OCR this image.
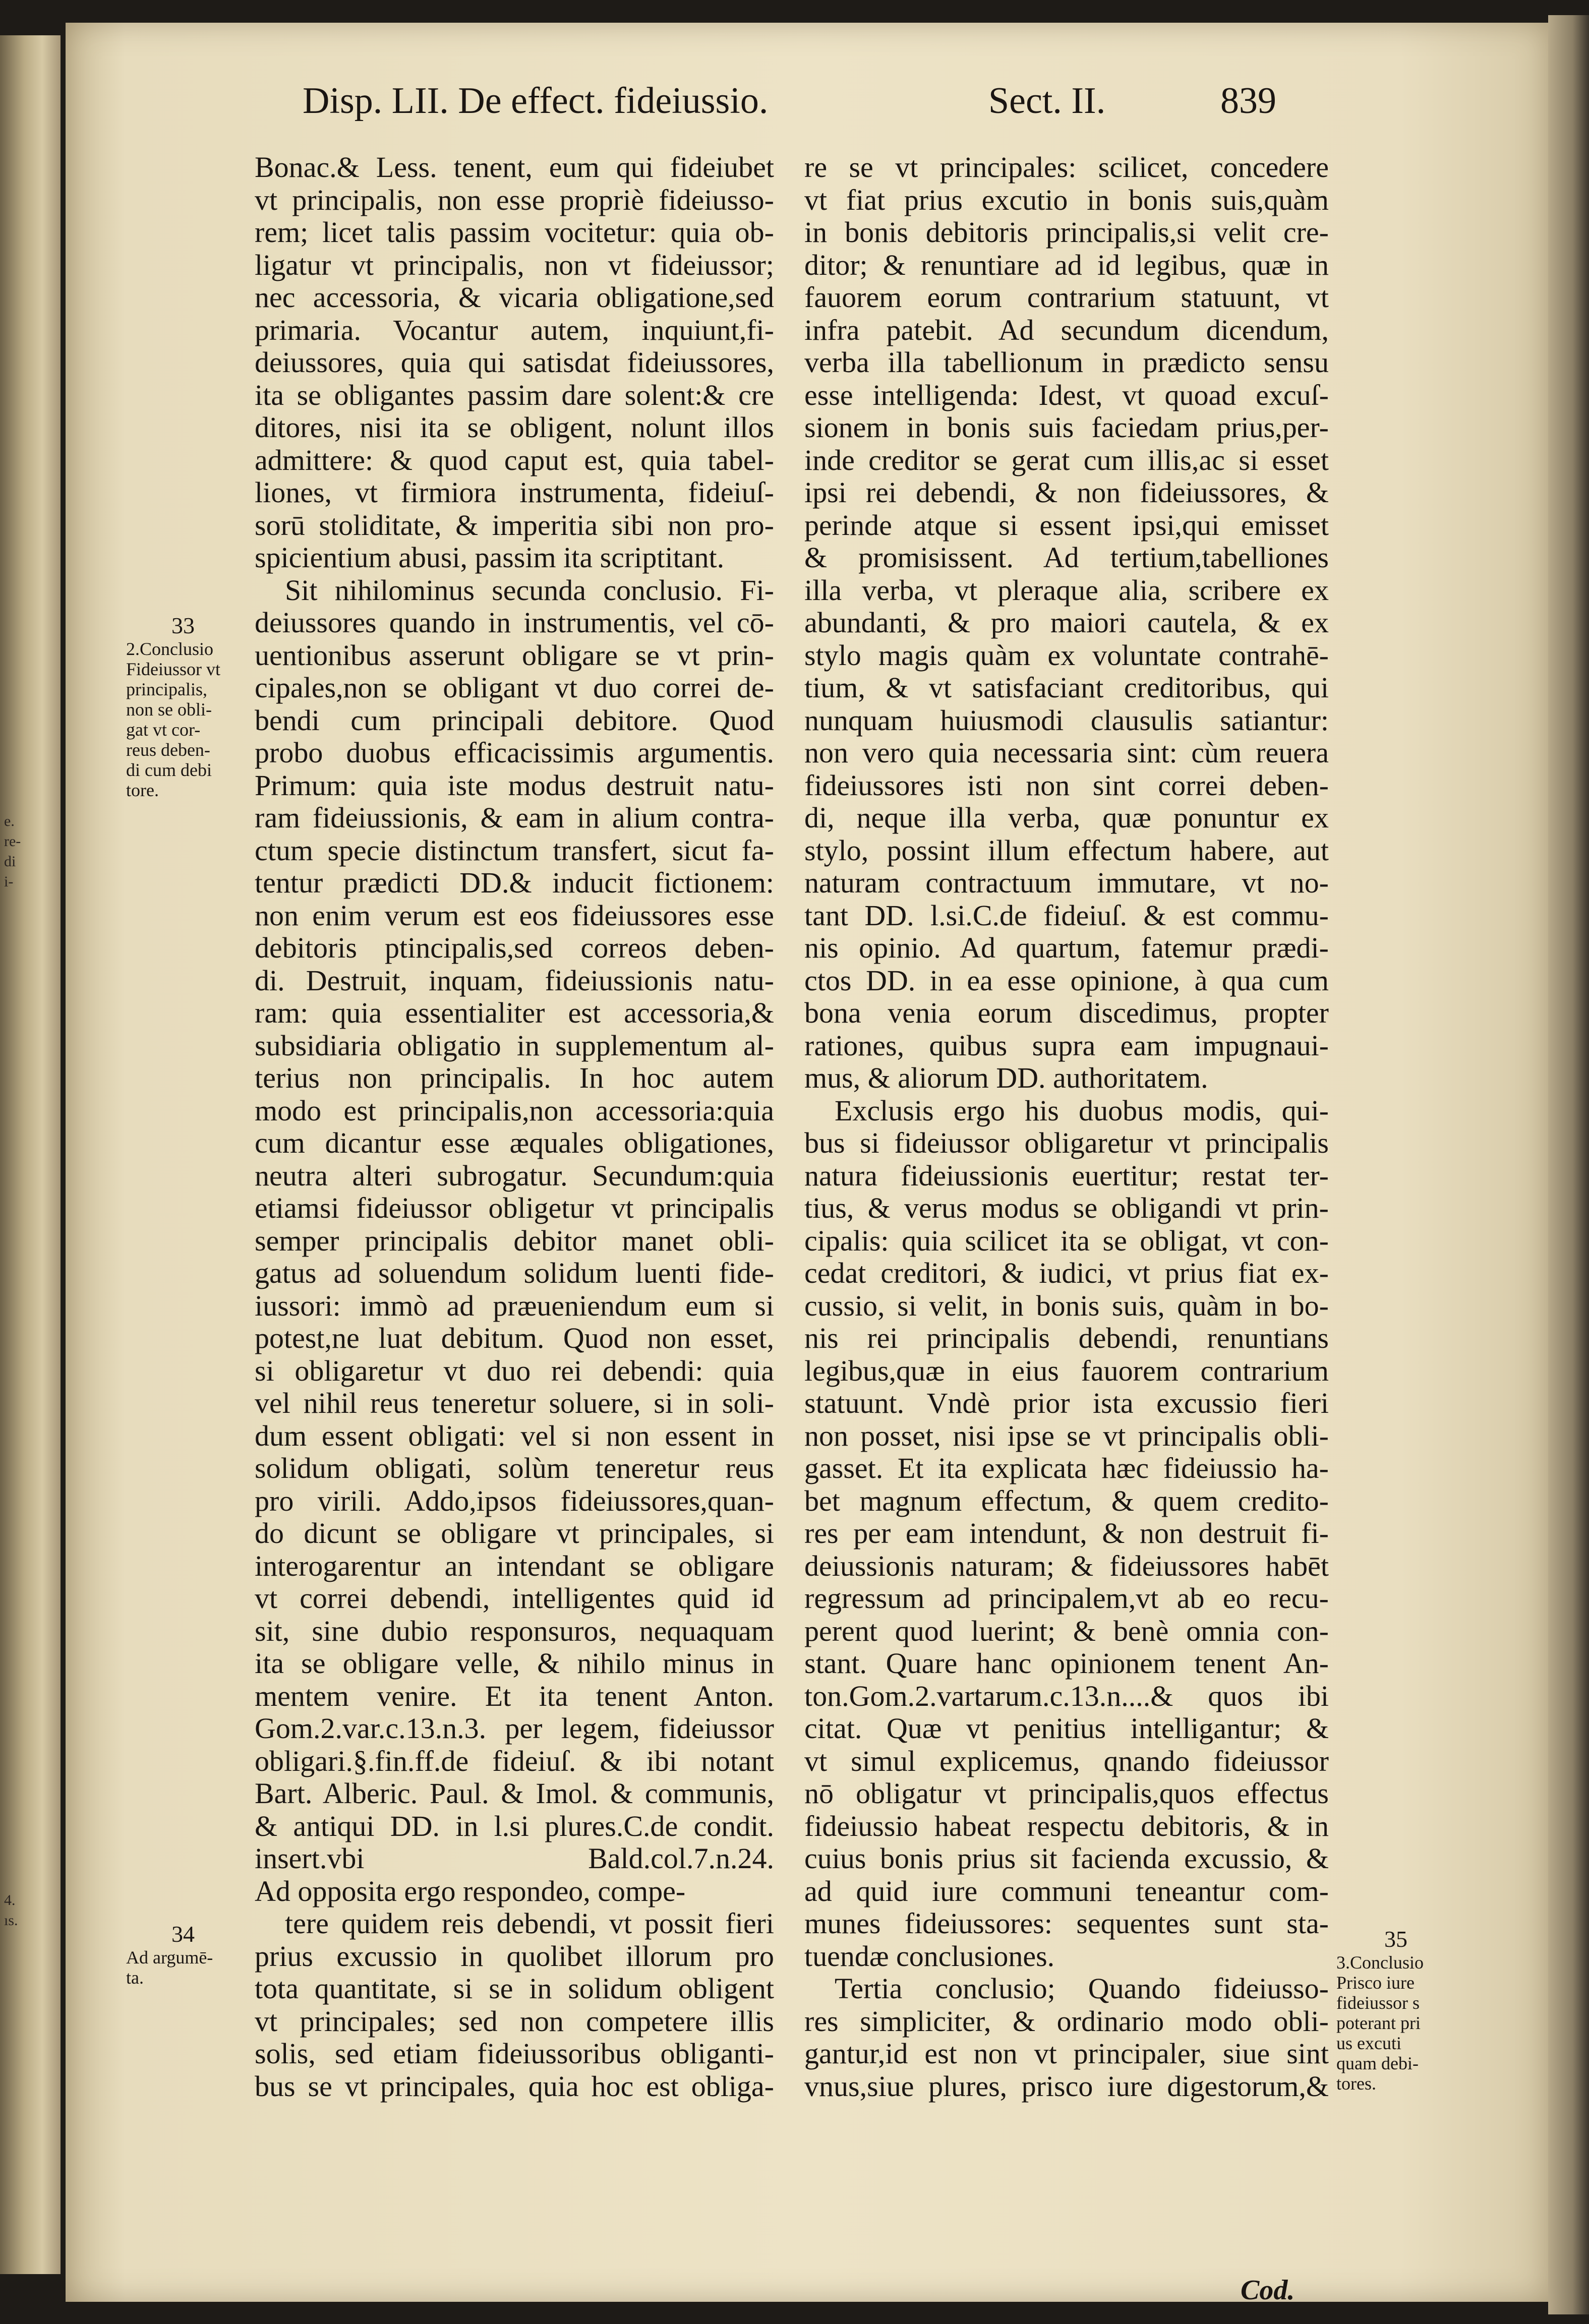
e.
re-
di
i-
4.
ıs.
Disp. LII. De effect. fideiussio.	Sect. II.	839
Bonac.& Less. tenent, eum qui fideiubet
vt principalis, non esse propriè fideiusso-
rem; licet talis passim vocitetur: quia ob-
ligatur vt principalis, non vt fideiussor;
nec accessoria, & vicaria obligatione,sed
primaria. Vocantur autem, inquiunt,fi-
deiussores, quia qui satisdat fideiussores,
ita se obligantes passim dare solent:& cre
ditores, nisi ita se obligent, nolunt illos
admittere: & quod caput est, quia tabel-
liones, vt firmiora instrumenta, fideiuſ-
sorū stoliditate, & imperitia sibi non pro-
spicientium abusi, passim ita scriptitant.
Sit nihilominus secunda conclusio. Fi-
deiussores quando in instrumentis, vel cō-
uentionibus asserunt obligare se vt prin-
cipales,non se obligant vt duo correi de-
bendi cum principali debitore. Quod
probo duobus efficacissimis argumentis.
Primum: quia iste modus destruit natu-
ram fideiussionis, & eam in alium contra-
ctum specie distinctum transfert, sicut fa-
tentur prædicti DD.& inducit fictionem:
non enim verum est eos fideiussores esse
debitoris ptincipalis,sed correos deben-
di. Destruit, inquam, fideiussionis natu-
ram: quia essentialiter est accessoria,&
subsidiaria obligatio in supplementum al-
terius non principalis. In hoc autem
modo est principalis,non accessoria:quia
cum dicantur esse æquales obligationes,
neutra alteri subrogatur. Secundum:quia
etiamsi fideiussor obligetur vt principalis
semper principalis debitor manet obli-
gatus ad soluendum solidum luenti fide-
iussori: immò ad præueniendum eum si
potest,ne luat debitum. Quod non esset,
si obligaretur vt duo rei debendi: quia
vel nihil reus teneretur soluere, si in soli-
dum essent obligati: vel si non essent in
solidum obligati, solùm teneretur reus
pro virili. Addo,ipsos fideiussores,quan-
do dicunt se obligare vt principales, si
interogarentur an intendant se obligare
vt correi debendi, intelligentes quid id
sit, sine dubio responsuros, nequaquam
ita se obligare velle, & nihilo minus in
mentem venire. Et ita tenent Anton.
Gom.2.var.c.13.n.3. per legem, fideiussor
obligari.§.fin.ff.de fideiuſ. & ibi notant
Bart. Alberic. Paul. & Imol. & communis,
& antiqui DD. in l.si plures.C.de condit.
insert.vbi Bald.col.7.n.24.
Ad opposita ergo respondeo, compe-
tere quidem reis debendi, vt possit fieri
prius excussio in quolibet illorum pro
tota quantitate, si se in solidum obligent
vt principales; sed non competere illis
solis, sed etiam fideiussoribus obliganti-
bus se vt principales, quia hoc est obliga-
re se vt principales: scilicet, concedere
vt fiat prius excutio in bonis suis,quàm
in bonis debitoris principalis,si velit cre-
ditor; & renuntiare ad id legibus, quæ in
fauorem eorum contrarium statuunt, vt
infra patebit. Ad secundum dicendum,
verba illa tabellionum in prædicto sensu
esse intelligenda: Idest, vt quoad excuſ-
sionem in bonis suis faciedam prius,per-
inde creditor se gerat cum illis,ac si esset
ipsi rei debendi, & non fideiussores, &
perinde atque si essent ipsi,qui emisset
& promisissent. Ad tertium,tabelliones
illa verba, vt pleraque alia, scribere ex
abundanti, & pro maiori cautela, & ex
stylo magis quàm ex voluntate contrahē-
tium, & vt satisfaciant creditoribus, qui
nunquam huiusmodi clausulis satiantur:
non vero quia necessaria sint: cùm reuera
fideiussores isti non sint correi deben-
di, neque illa verba, quæ ponuntur ex
stylo, possint illum effectum habere, aut
naturam contractuum immutare, vt no-
tant DD. l.si.C.de fideiuſ. & est commu-
nis opinio. Ad quartum, fatemur prædi-
ctos DD. in ea esse opinione, à qua cum
bona venia eorum discedimus, propter
rationes, quibus supra eam impugnaui-
mus, & aliorum DD. authoritatem.
Exclusis ergo his duobus modis, qui-
bus si fideiussor obligaretur vt principalis
natura fideiussionis euertitur; restat ter-
tius, & verus modus se obligandi vt prin-
cipalis: quia scilicet ita se obligat, vt con-
cedat creditori, & iudici, vt prius fiat ex-
cussio, si velit, in bonis suis, quàm in bo-
nis rei principalis debendi, renuntians
legibus,quæ in eius fauorem contrarium
statuunt. Vndè prior ista excussio fieri
non posset, nisi ipse se vt principalis obli-
gasset. Et ita explicata hæc fideiussio ha-
bet magnum effectum, & quem credito-
res per eam intendunt, & non destruit fi-
deiussionis naturam; & fideiussores habēt
regressum ad principalem,vt ab eo recu-
perent quod luerint; & benè omnia con-
stant. Quare hanc opinionem tenent An-
ton.Gom.2.vartarum.c.13.n....& quos ibi
citat. Quæ vt penitius intelligantur; &
vt simul explicemus, qnando fideiussor
nō obligatur vt principalis,quos effectus
fideiussio habeat respectu debitoris, & in
cuius bonis prius sit facienda excussio, &
ad quid iure communi teneantur com-
munes fideiussores: sequentes sunt sta-
tuendæ conclusiones.
Tertia conclusio; Quando fideiusso-
res simpliciter, & ordinario modo obli-
gantur,id est non vt principaler, siue sint
vnus,siue plures, prisco iure digestorum,&
33
2.Conclusio
Fideiussor vt
principalis,
non se obli-
gat vt cor-
reus deben-
di cum debi
tore.
34
Ad argumē-
ta.
35
3.Conclusio
Prisco iure
fideiussor s
poterant pri
us excuti
quam debi-
tores.
Cod.
